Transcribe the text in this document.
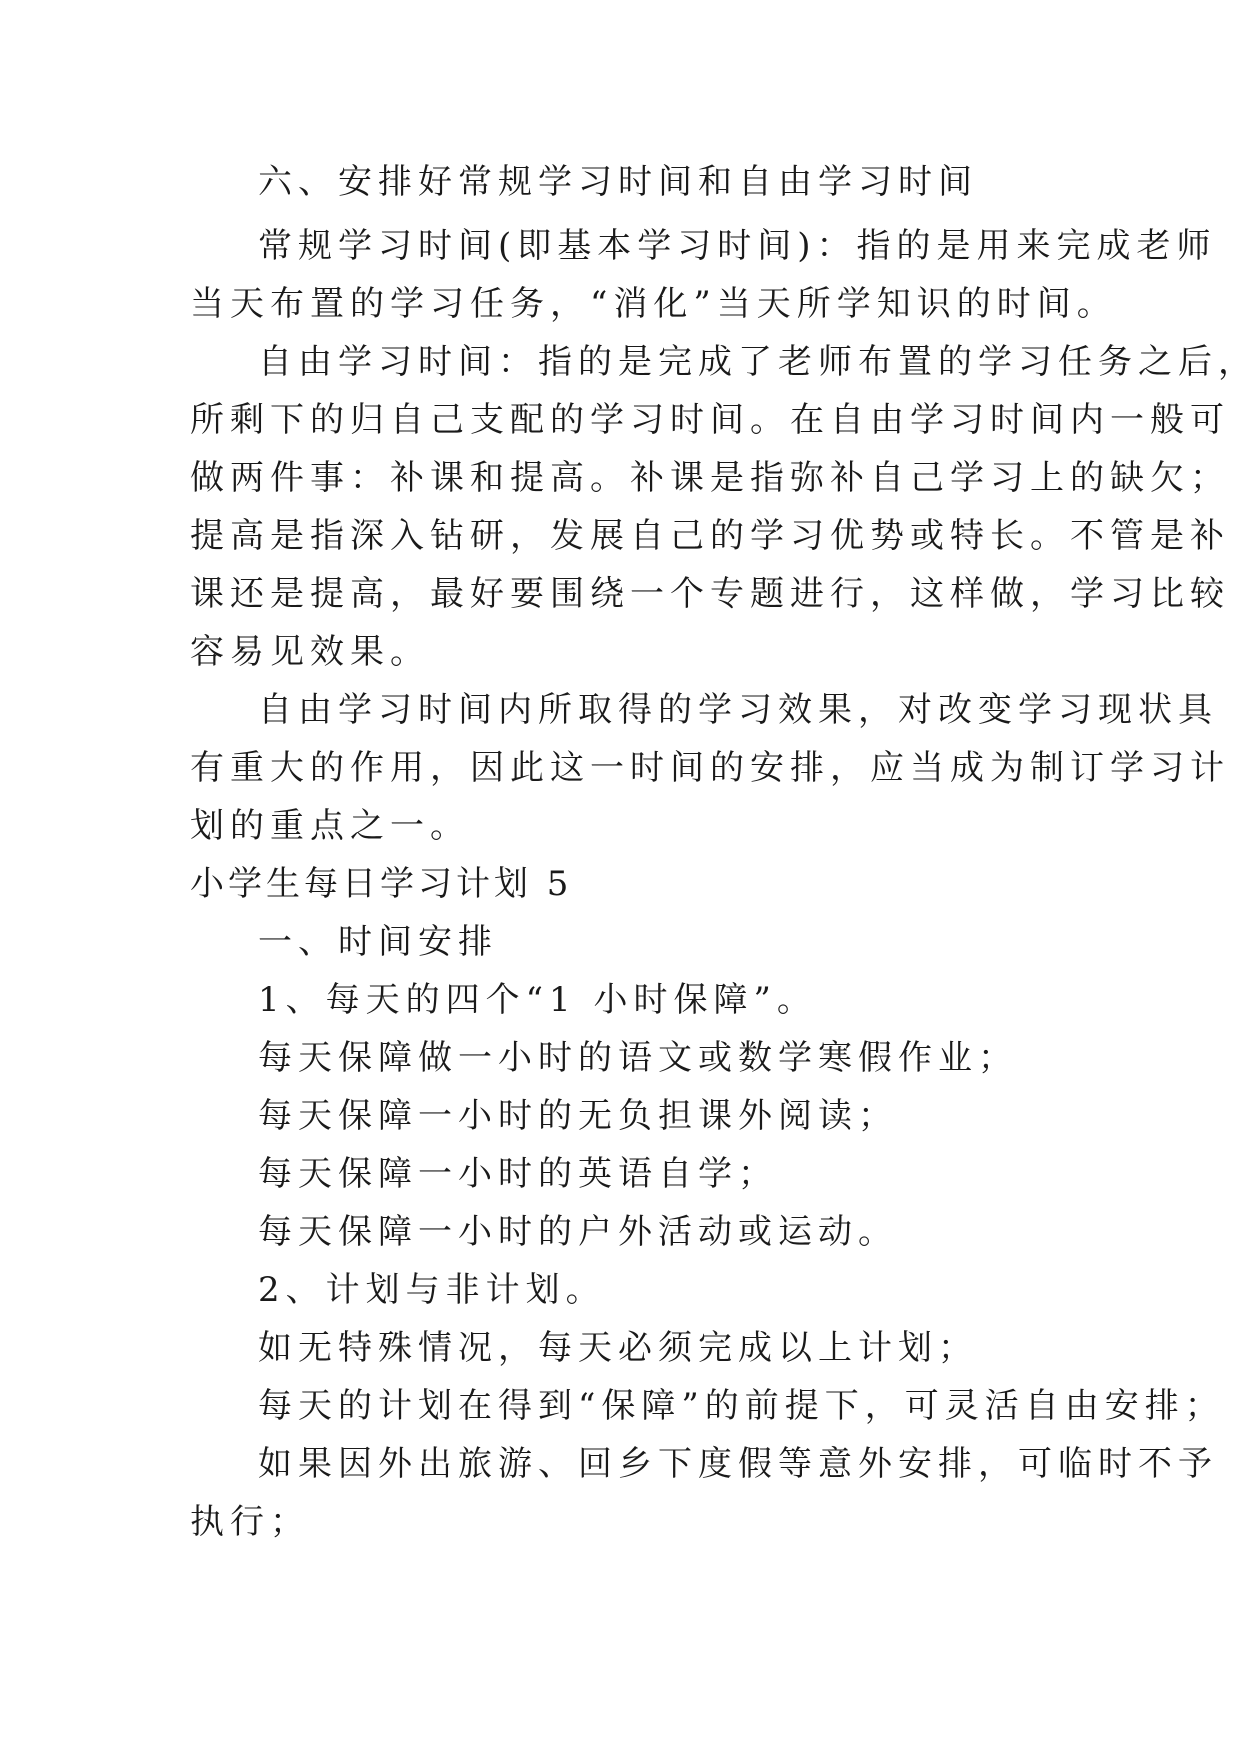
六、安排好常规学习时间和自由学习时间
常规学习时间(即基本学习时间)：指的是用来完成老师
当天布置的学习任务，“消化”当天所学知识的时间。
自由学习时间：指的是完成了老师布置的学习任务之后，
所剩下的归自己支配的学习时间。在自由学习时间内一般可
做两件事：补课和提高。补课是指弥补自己学习上的缺欠；
提高是指深入钻研，发展自己的学习优势或特长。不管是补
课还是提高，最好要围绕一个专题进行，这样做，学习比较
容易见效果。
自由学习时间内所取得的学习效果，对改变学习现状具
有重大的作用，因此这一时间的安排，应当成为制订学习计
划的重点之一。
小学生每日学习计划 5
一、时间安排
1、每天的四个“1 小时保障”。
每天保障做一小时的语文或数学寒假作业；
每天保障一小时的无负担课外阅读；
每天保障一小时的英语自学；
每天保障一小时的户外活动或运动。
2、计划与非计划。
如无特殊情况，每天必须完成以上计划；
每天的计划在得到“保障”的前提下，可灵活自由安排；
如果因外出旅游、回乡下度假等意外安排，可临时不予
执行；
